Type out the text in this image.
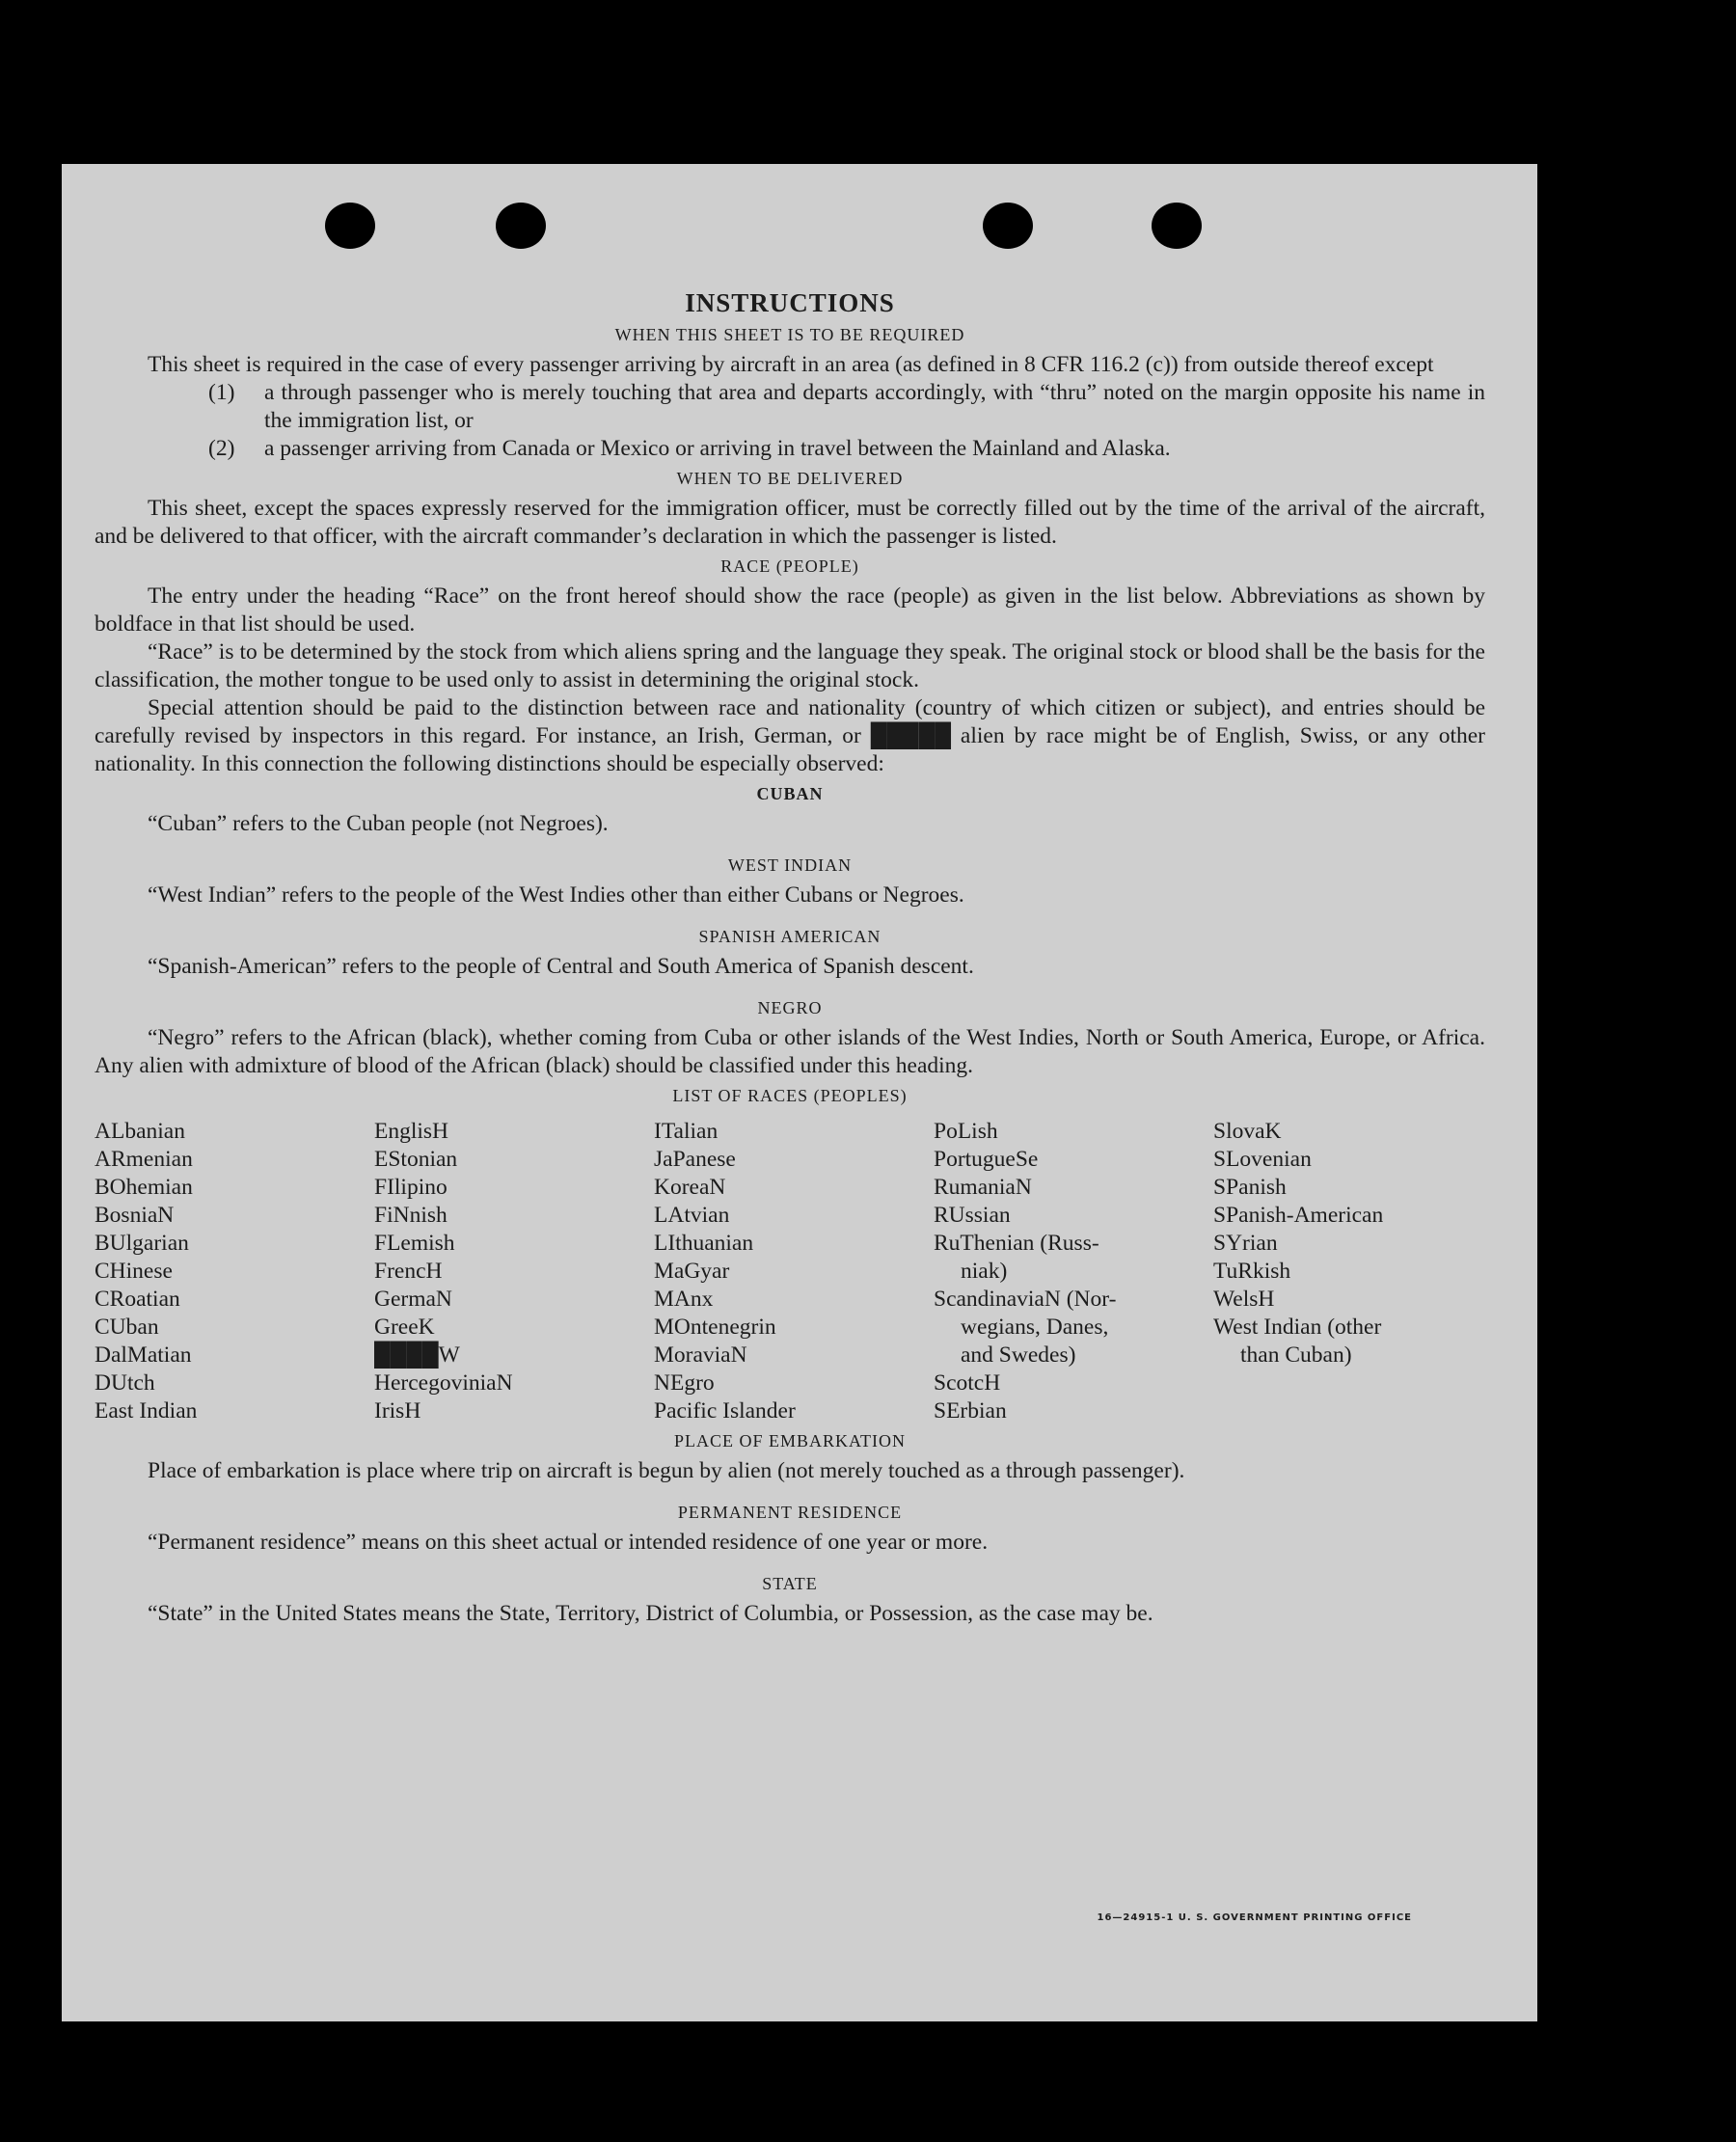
INSTRUCTIONS
WHEN THIS SHEET IS TO BE REQUIRED

This sheet is required in the case of every passenger arriving by aircraft in an area (as defined in 8 CFR 116.2 (c)) from outside thereof except

(1)	a through passenger who is merely touching that area and departs accordingly, with “thru” noted on the margin opposite his name in the immigration list, or
(2)	a passenger arriving from Canada or Mexico or arriving in travel between the Mainland and Alaska.
WHEN TO BE DELIVERED

This sheet, except the spaces expressly reserved for the immigration officer, must be correctly filled out by the time of the arrival of the aircraft, and be delivered to that officer, with the aircraft commander’s declaration in which the passenger is listed.

RACE (PEOPLE)

The entry under the heading “Race” on the front hereof should show the race (people) as given in the list below. Abbreviations as shown by boldface in that list should be used.

“Race” is to be determined by the stock from which aliens spring and the language they speak. The original stock or blood shall be the basis for the classification, the mother tongue to be used only to assist in determining the original stock.

Special attention should be paid to the distinction between race and nationality (country of which citizen or subject), and entries should be carefully revised by inspectors in this regard. For instance, an Irish, German, or █████ alien by race might be of English, Swiss, or any other nationality. In this connection the following distinctions should be especially observed:

CUBAN

“Cuban” refers to the Cuban people (not Negroes).

WEST INDIAN

“West Indian” refers to the people of the West Indies other than either Cubans or Negroes.

SPANISH AMERICAN

“Spanish-American” refers to the people of Central and South America of Spanish descent.

NEGRO

“Negro” refers to the African (black), whether coming from Cuba or other islands of the West Indies, North or South America, Europe, or Africa. Any alien with admixture of blood of the African (black) should be classified under this heading.

LIST OF RACES (PEOPLES)
ALbanian
ARmenian
BOhemian
BosniaN
BUlgarian
CHinese
CRoatian
CUban
DalMatian
DUtch
East Indian
EnglisH
EStonian
FIlipino
FiNnish
FLemish
FrencH
GermaN
GreeK
████W
HercegoviniaN
IrisH
ITalian
JaPanese
KoreaN
LAtvian
LIthuanian
MaGyar
MAnx
MOntenegrin
MoraviaN
NEgro
Pacific Islander
PoLish
PortugueSe
RumaniaN
RUssian
RuThenian (Russ-
niak)
ScandinaviaN (Nor-
wegians, Danes,
and Swedes)
ScotcH
SErbian
SlovaK
SLovenian
SPanish
SPanish-American
SYrian
TuRkish
WelsH
West Indian (other
than Cuban)
PLACE OF EMBARKATION

Place of embarkation is place where trip on aircraft is begun by alien (not merely touched as a through passenger).

PERMANENT RESIDENCE

“Permanent residence” means on this sheet actual or intended residence of one year or more.

STATE

“State” in the United States means the State, Territory, District of Columbia, or Possession, as the case may be.

16—24915-1 U. S. GOVERNMENT PRINTING OFFICE
